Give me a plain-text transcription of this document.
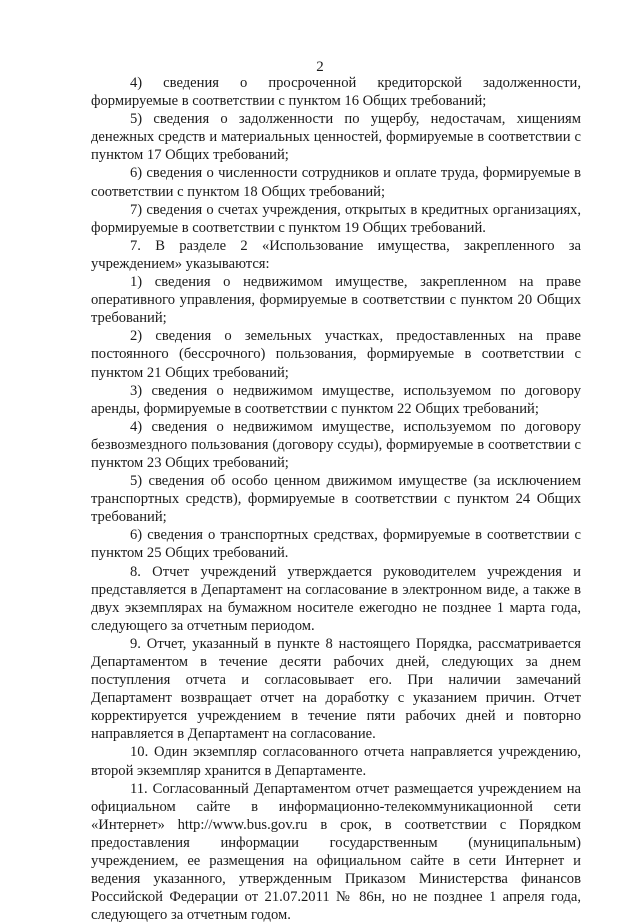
2

4) сведения о просроченной кредиторской задолженности, формируемые в соответствии с пунктом 16 Общих требований;

5) сведения о задолженности по ущербу, недостачам, хищениям денежных средств и материальных ценностей, формируемые в соответствии с пунктом 17 Общих требований;

6) сведения о численности сотрудников и оплате труда, формируемые в соответствии с пунктом 18 Общих требований;

7) сведения о счетах учреждения, открытых в кредитных организациях, формируемые в соответствии с пунктом 19 Общих требований.

7. В разделе 2 «Использование имущества, закрепленного за учреждением» указываются:

1) сведения о недвижимом имуществе, закрепленном на праве оперативного управления, формируемые в соответствии с пунктом 20 Общих требований;

2) сведения о земельных участках, предоставленных на праве постоянного (бессрочного) пользования, формируемые в соответствии с пунктом 21 Общих требований;

3) сведения о недвижимом имуществе, используемом по договору аренды, формируемые в соответствии с пунктом 22 Общих требований;

4) сведения о недвижимом имуществе, используемом по договору безвозмездного пользования (договору ссуды), формируемые в соответствии с пунктом 23 Общих требований;

5) сведения об особо ценном движимом имуществе (за исключением транспортных средств), формируемые в соответствии с пунктом 24 Общих требований;

6) сведения о транспортных средствах, формируемые в соответствии с пунктом 25 Общих требований.

8. Отчет учреждений утверждается руководителем учреждения и представляется в Департамент на согласование в электронном виде, а также в двух экземплярах на бумажном носителе ежегодно не позднее 1 марта года, следующего за отчетным периодом.

9. Отчет, указанный в пункте 8 настоящего Порядка, рассматривается Департаментом в течение десяти рабочих дней, следующих за днем поступления отчета и согласовывает его. При наличии замечаний Департамент возвращает отчет на доработку с указанием причин. Отчет корректируется учреждением в течение пяти рабочих дней и повторно направляется в Департамент на согласование.

10. Один экземпляр согласованного отчета направляется учреждению, второй экземпляр хранится в Департаменте.

11. Согласованный Департаментом отчет размещается учреждением на официальном сайте в информационно-телекоммуникационной сети «Интернет» http://www.bus.gov.ru в срок, в соответствии с Порядком предоставления информации государственным (муниципальным) учреждением, ее размещения на официальном сайте в сети Интернет и ведения указанного, утвержденным Приказом Министерства финансов Российской Федерации от 21.07.2011 № 86н, но не позднее 1 апреля года, следующего за отчетным годом.
